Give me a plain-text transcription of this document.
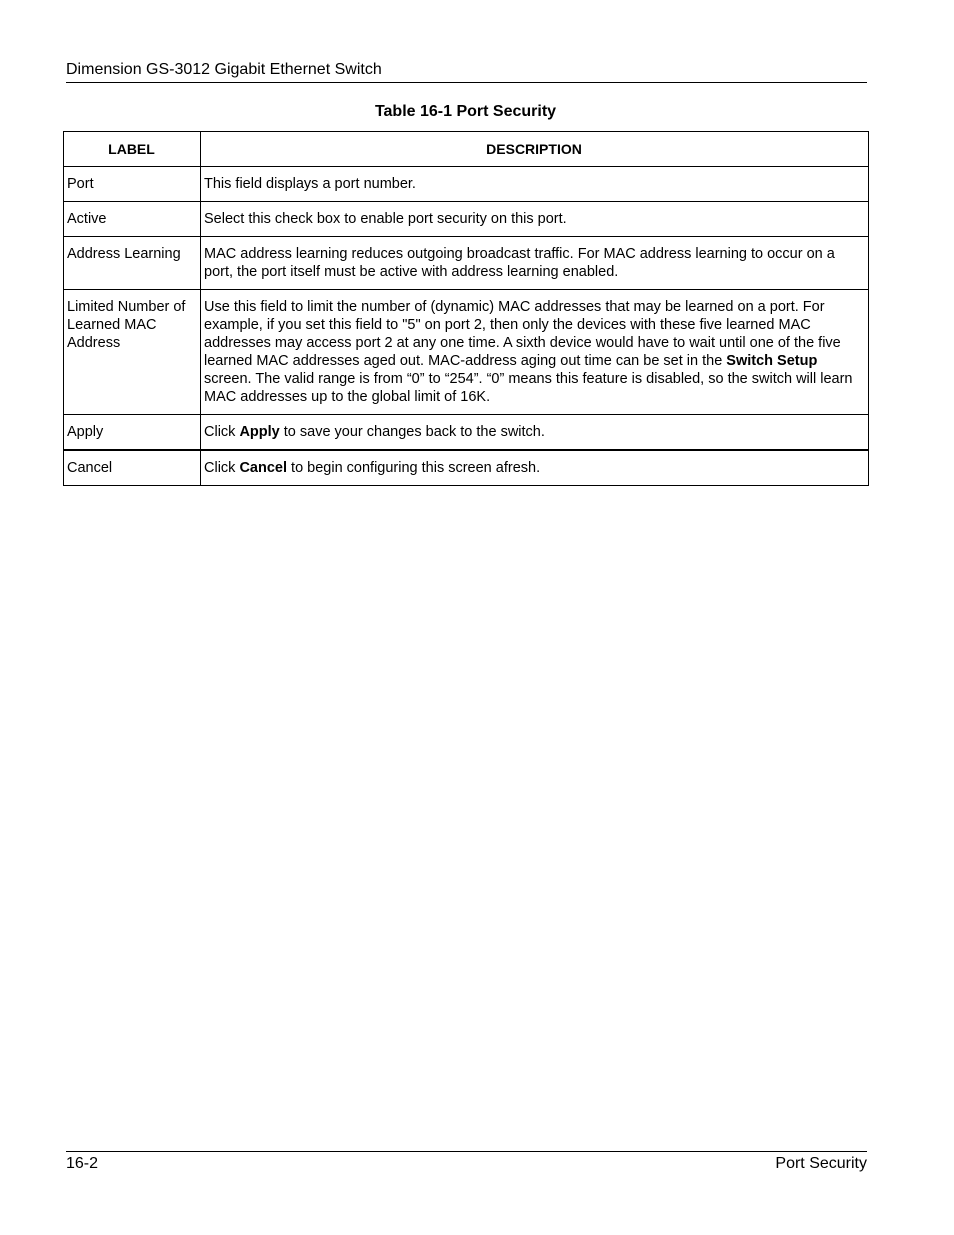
Dimension GS-3012 Gigabit Ethernet Switch
Table 16-1 Port Security
LABEL	DESCRIPTION
Port	This field displays a port number.
Active	Select this check box to enable port security on this port.
Address Learning	MAC address learning reduces outgoing broadcast traffic. For MAC address learning to occur on a port, the port itself must be active with address learning enabled.
Limited Number of Learned MAC Address	Use this field to limit the number of (dynamic) MAC addresses that may be learned on a port. For example, if you set this field to "5" on port 2, then only the devices with these five learned MAC addresses may access port 2 at any one time. A sixth device would have to wait until one of the five learned MAC addresses aged out. MAC-address aging out time can be set in the Switch Setup screen. The valid range is from “0” to “254”. “0” means this feature is disabled, so the switch will learn MAC addresses up to the global limit of 16K.
Apply	Click Apply to save your changes back to the switch.
Cancel	Click Cancel to begin configuring this screen afresh.
16-2	Port Security
